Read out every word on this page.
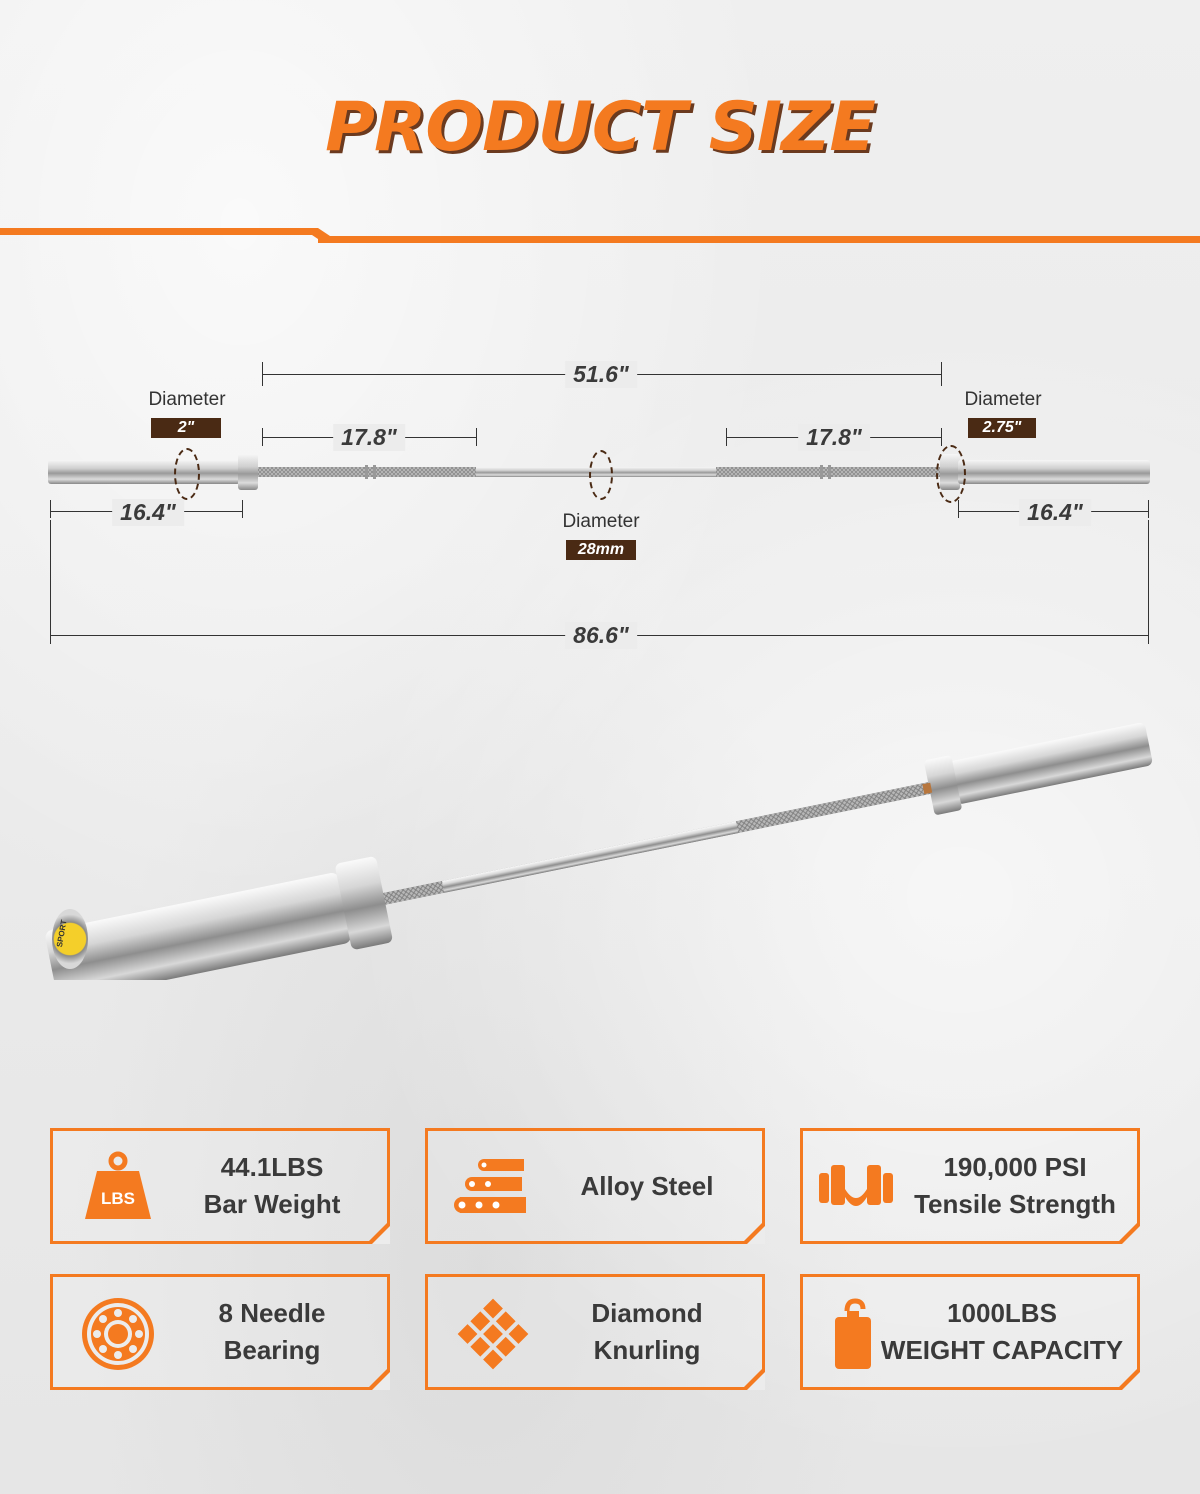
PRODUCT SIZE
51.6"
17.8"	17.8"
16.4"	16.4"
86.6"
Diameter
2"
Diameter
2.75"
Diameter
28mm
SPORT
LBS
44.1LBS
Bar Weight
Alloy Steel
190,000 PSI
Tensile Strength
8 Needle
Bearing
Diamond
Knurling
1000LBS
WEIGHT CAPACITY
